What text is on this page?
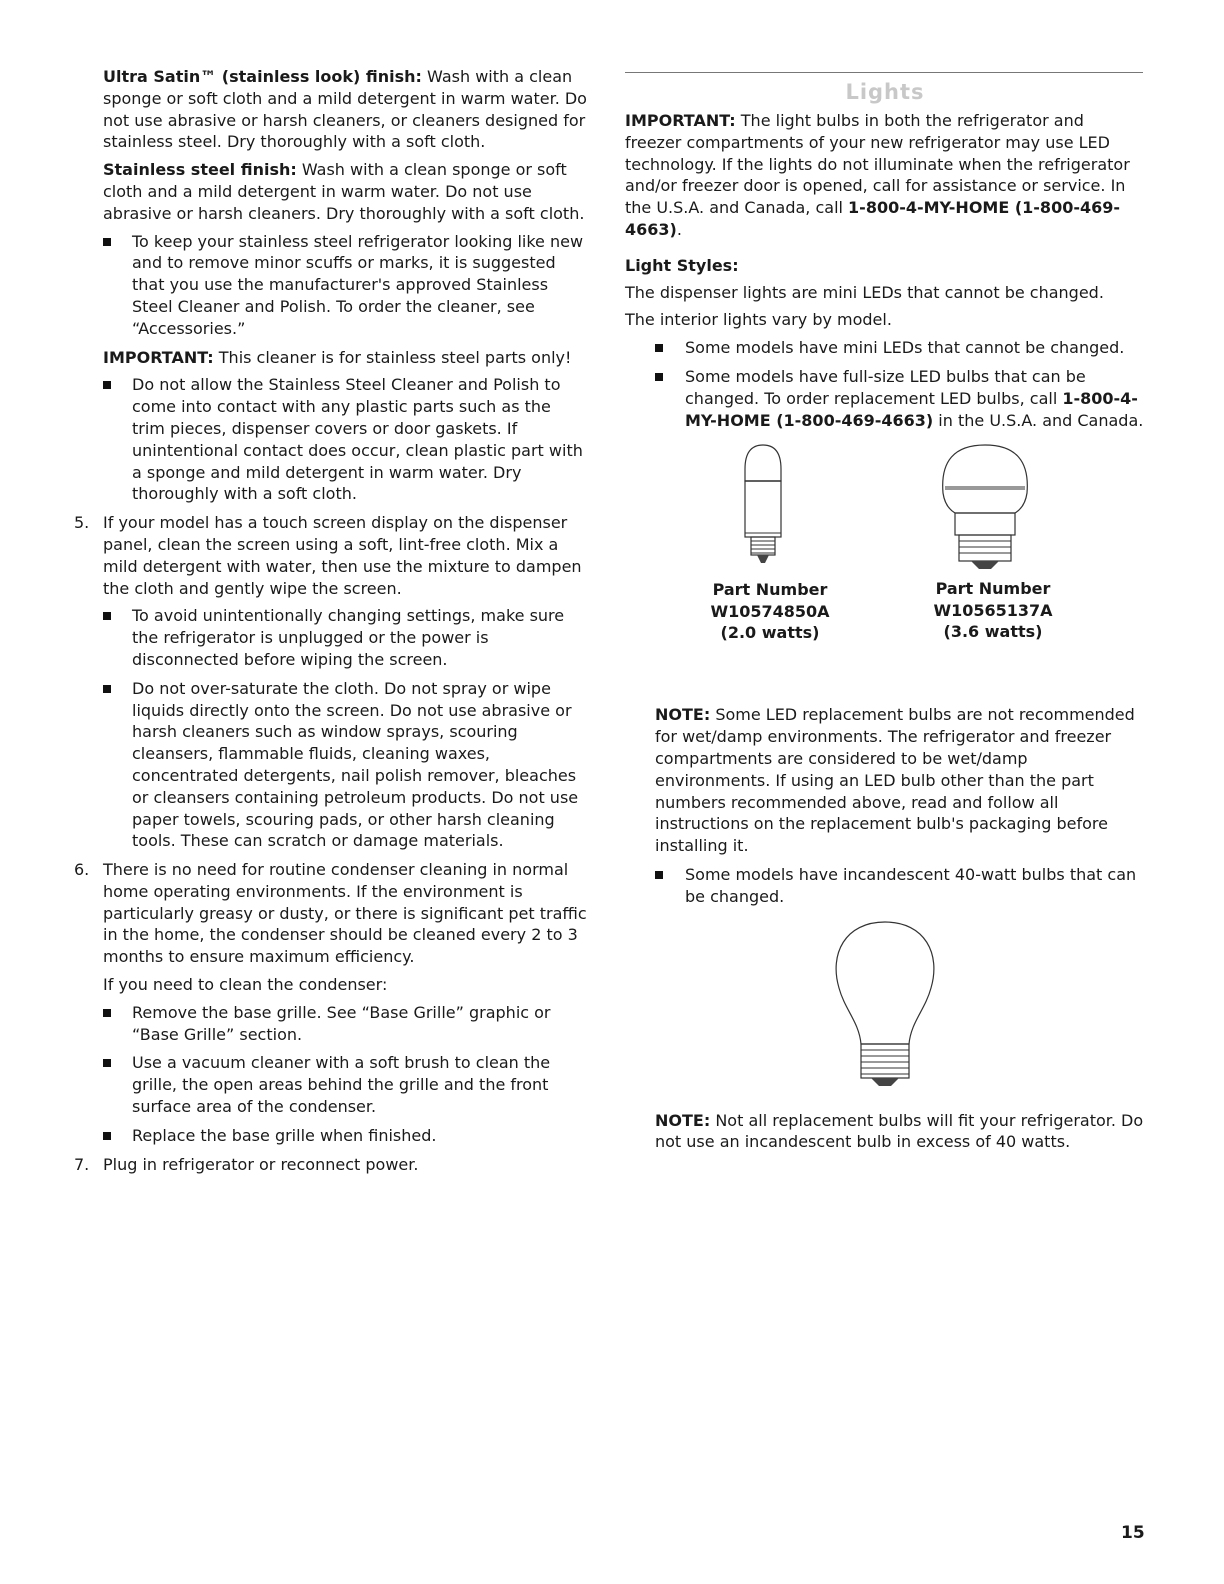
Ultra Satin™ (stainless look) finish: Wash with a clean sponge or soft cloth and a mild detergent in warm water. Do not use abrasive or harsh cleaners, or cleaners designed for stainless steel. Dry thoroughly with a soft cloth.

Stainless steel finish: Wash with a clean sponge or soft cloth and a mild detergent in warm water. Do not use abrasive or harsh cleaners. Dry thoroughly with a soft cloth.

To keep your stainless steel refrigerator looking like new and to remove minor scuffs or marks, it is suggested that you use the manufacturer's approved Stainless Steel Cleaner and Polish. To order the cleaner, see “Accessories.”

IMPORTANT: This cleaner is for stainless steel parts only!

Do not allow the Stainless Steel Cleaner and Polish to come into contact with any plastic parts such as the trim pieces, dispenser covers or door gaskets. If unintentional contact does occur, clean plastic part with a sponge and mild detergent in warm water. Dry thoroughly with a soft cloth.
5. If your model has a touch screen display on the dispenser panel, clean the screen using a soft, lint-free cloth. Mix a mild detergent with water, then use the mixture to dampen the cloth and gently wipe the screen.
To avoid unintentionally changing settings, make sure the refrigerator is unplugged or the power is disconnected before wiping the screen.
Do not over-saturate the cloth. Do not spray or wipe liquids directly onto the screen. Do not use abrasive or harsh cleaners such as window sprays, scouring cleansers, flammable fluids, cleaning waxes, concentrated detergents, nail polish remover, bleaches or cleansers containing petroleum products. Do not use paper towels, scouring pads, or other harsh cleaning tools. These can scratch or damage materials.
6. There is no need for routine condenser cleaning in normal home operating environments. If the environment is particularly greasy or dusty, or there is significant pet traffic in the home, the condenser should be cleaned every 2 to 3 months to ensure maximum efficiency.

If you need to clean the condenser:

Remove the base grille. See “Base Grille” graphic or “Base Grille” section.
Use a vacuum cleaner with a soft brush to clean the grille, the open areas behind the grille and the front surface area of the condenser.
Replace the base grille when finished.
7. Plug in refrigerator or reconnect power.
Lights

IMPORTANT: The light bulbs in both the refrigerator and freezer compartments of your new refrigerator may use LED technology. If the lights do not illuminate when the refrigerator and/or freezer door is opened, call for assistance or service. In the U.S.A. and Canada, call 1-800-4-MY-HOME (1-800-469-4663).

Light Styles:

The dispenser lights are mini LEDs that cannot be changed.

The interior lights vary by model.

Some models have mini LEDs that cannot be changed.
Some models have full-size LED bulbs that can be changed. To order replacement LED bulbs, call 1-800-4-MY-HOME (1-800-469-4663) in the U.S.A. and Canada.
Part Number
W10574850A
(2.0 watts)
Part Number
W10565137A
(3.6 watts)

NOTE: Some LED replacement bulbs are not recommended for wet/damp environments. The refrigerator and freezer compartments are considered to be wet/damp environments. If using an LED bulb other than the part numbers recommended above, read and follow all instructions on the replacement bulb's packaging before installing it.

Some models have incandescent 40-watt bulbs that can be changed.

NOTE: Not all replacement bulbs will fit your refrigerator. Do not use an incandescent bulb in excess of 40 watts.

15
